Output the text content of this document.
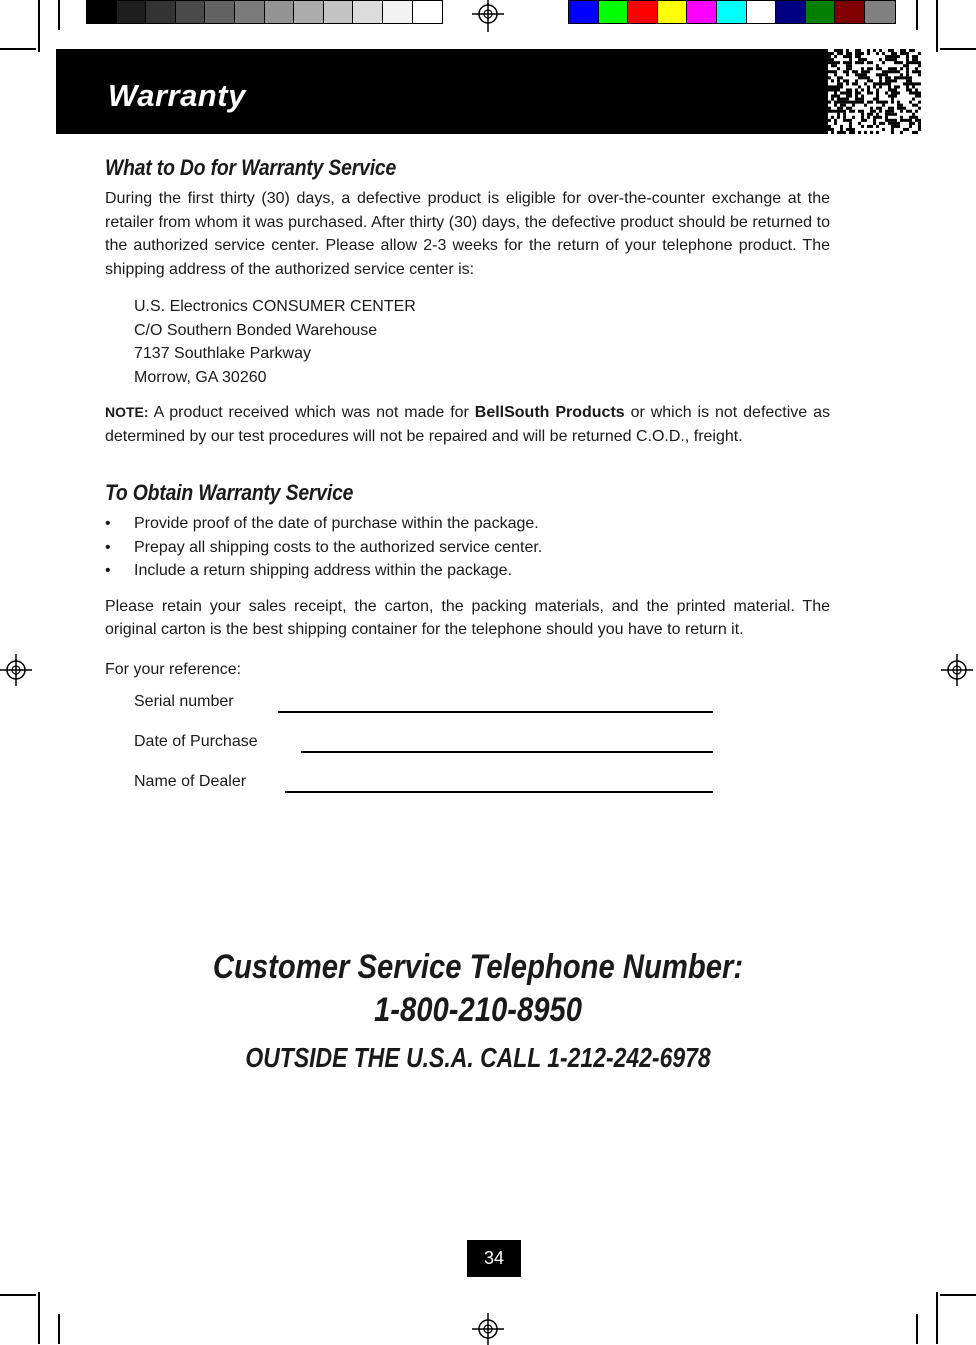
Warranty
What to Do for Warranty Service

During the first thirty (30) days, a defective product is eligible for over-the-counter exchange at the retailer from whom it was purchased. After thirty (30) days, the defective product should be returned to the authorized service center. Please allow 2-3 weeks for the return of your telephone product. The shipping address of the authorized service center is:

U.S. Electronics CONSUMER CENTER
C/O Southern Bonded Warehouse
7137 Southlake Parkway
Morrow, GA 30260

NOTE: A product received which was not made for BellSouth Products or which is not defective as determined by our test procedures will not be repaired and will be returned C.O.D., freight.

To Obtain Warranty Service
• Provide proof of the date of purchase within the package.
• Prepay all shipping costs to the authorized service center.
• Include a return shipping address within the package.

Please retain your sales receipt, the carton, the packing materials, and the printed material. The original carton is the best shipping container for the telephone should you have to return it.

For your reference:

Serial number
Date of Purchase
Name of Dealer
Customer Service Telephone Number:
1-800-210-8950
OUTSIDE THE U.S.A. CALL 1-212-242-6978
34
